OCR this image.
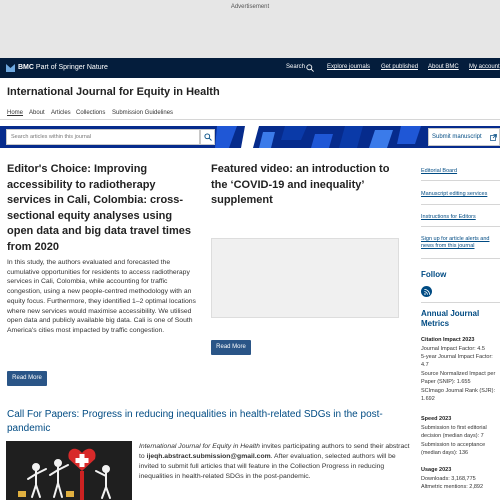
Advertisement
BMC Part of Springer Nature	Search	Explore journals Get published About BMC My account
International Journal for Equity in Health
Home About Articles Collections Submission Guidelines
Search articles within this journal	Submit manuscript
Editor's Choice: Improving accessibility to radiotherapy services in Cali, Colombia: cross-sectional equity analyses using open data and big data travel times from 2020
In this study, the authors evaluated and forecasted the cumulative opportunities for residents to access radiotherapy services in Cali, Colombia, while accounting for traffic congestion, using a new people-centred methodology with an equity focus. Furthermore, they identified 1–2 optimal locations where new services would maximise accessibility. We utilised open data and publicly available big data. Cali is one of South America's cities most impacted by traffic congestion.
Read More
Featured video: an introduction to the ‘COVID-19 and inequality’ supplement
Read More
Editorial Board
Manuscript editing services
Instructions for Editors
Sign up for article alerts and news from this journal
Follow
Annual Journal Metrics
Citation Impact 2023
Journal Impact Factor: 4.5
5-year Journal Impact Factor:
4.7
Source Normalized Impact per
Paper (SNIP): 1.655
SCImago Journal Rank (SJR):
1.692
Speed 2023
Submission to first editorial
decision (median days): 7
Submission to acceptance
(median days): 136
Usage 2023
Downloads: 3,168,775
Altmetric mentions: 2,892
Call For Papers: Progress in reducing inequalities in health-related SDGs in the post-pandemic
International Journal for Equity in Health invites participating authors to send their abstract to ijeqh.abstract.submission@gmail.com. After evaluation, selected authors will be invited to submit full articles that will feature in the Collection Progress in reducing inequalities in health-related SDGs in the post-pandemic.
